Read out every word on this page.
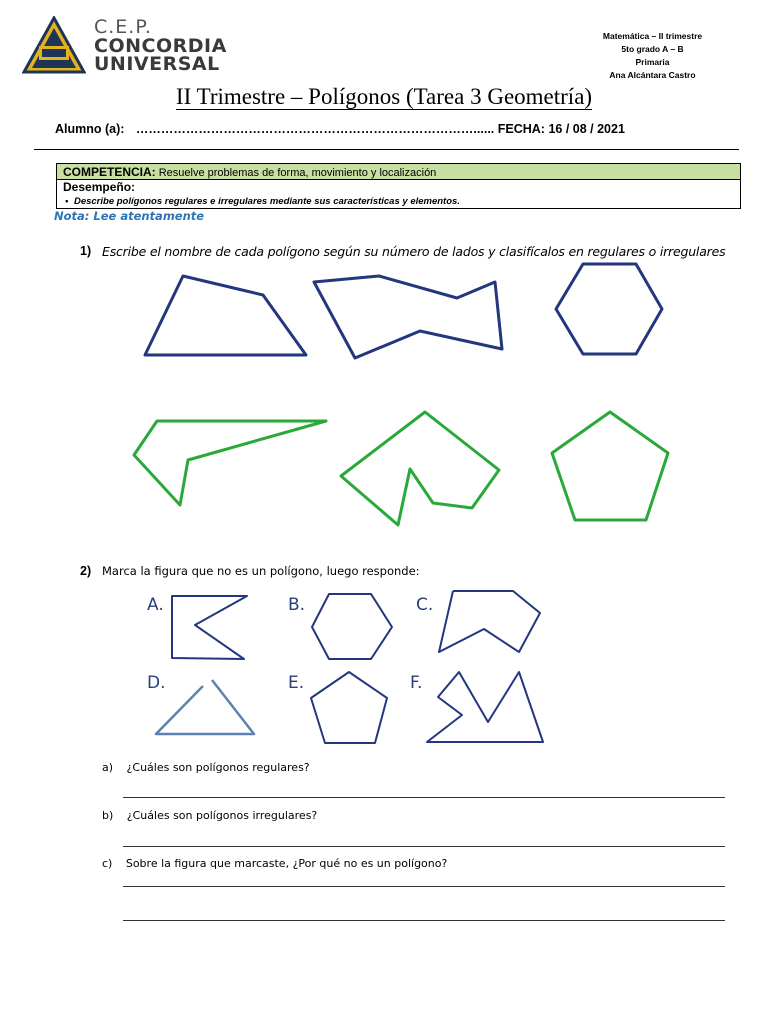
C.E.P.
CONCORDIA
UNIVERSAL
Matemática – II trimestre
5to grado A – B
Primaria
Ana Alcántara Castro
II Trimestre – Polígonos (Tarea 3 Geometría)
Alumno (a): ………………………………………………………………………...... FECHA: 16 / 08 / 2021
COMPETENCIA: Resuelve problemas de forma, movimiento y localización
Desempeño:
• Describe polígonos regulares e irregulares mediante sus características y elementos.
Nota: Lee atentamente
1) Escribe el nombre de cada polígono según su número de lados y clasifícalos en regulares o irregulares
2) Marca la figura que no es un polígono, luego responde:
A.	B.	C.
D.	E.	F.
a) ¿Cuáles son polígonos regulares?
b) ¿Cuáles son polígonos irregulares?
c) Sobre la figura que marcaste, ¿Por qué no es un polígono?
